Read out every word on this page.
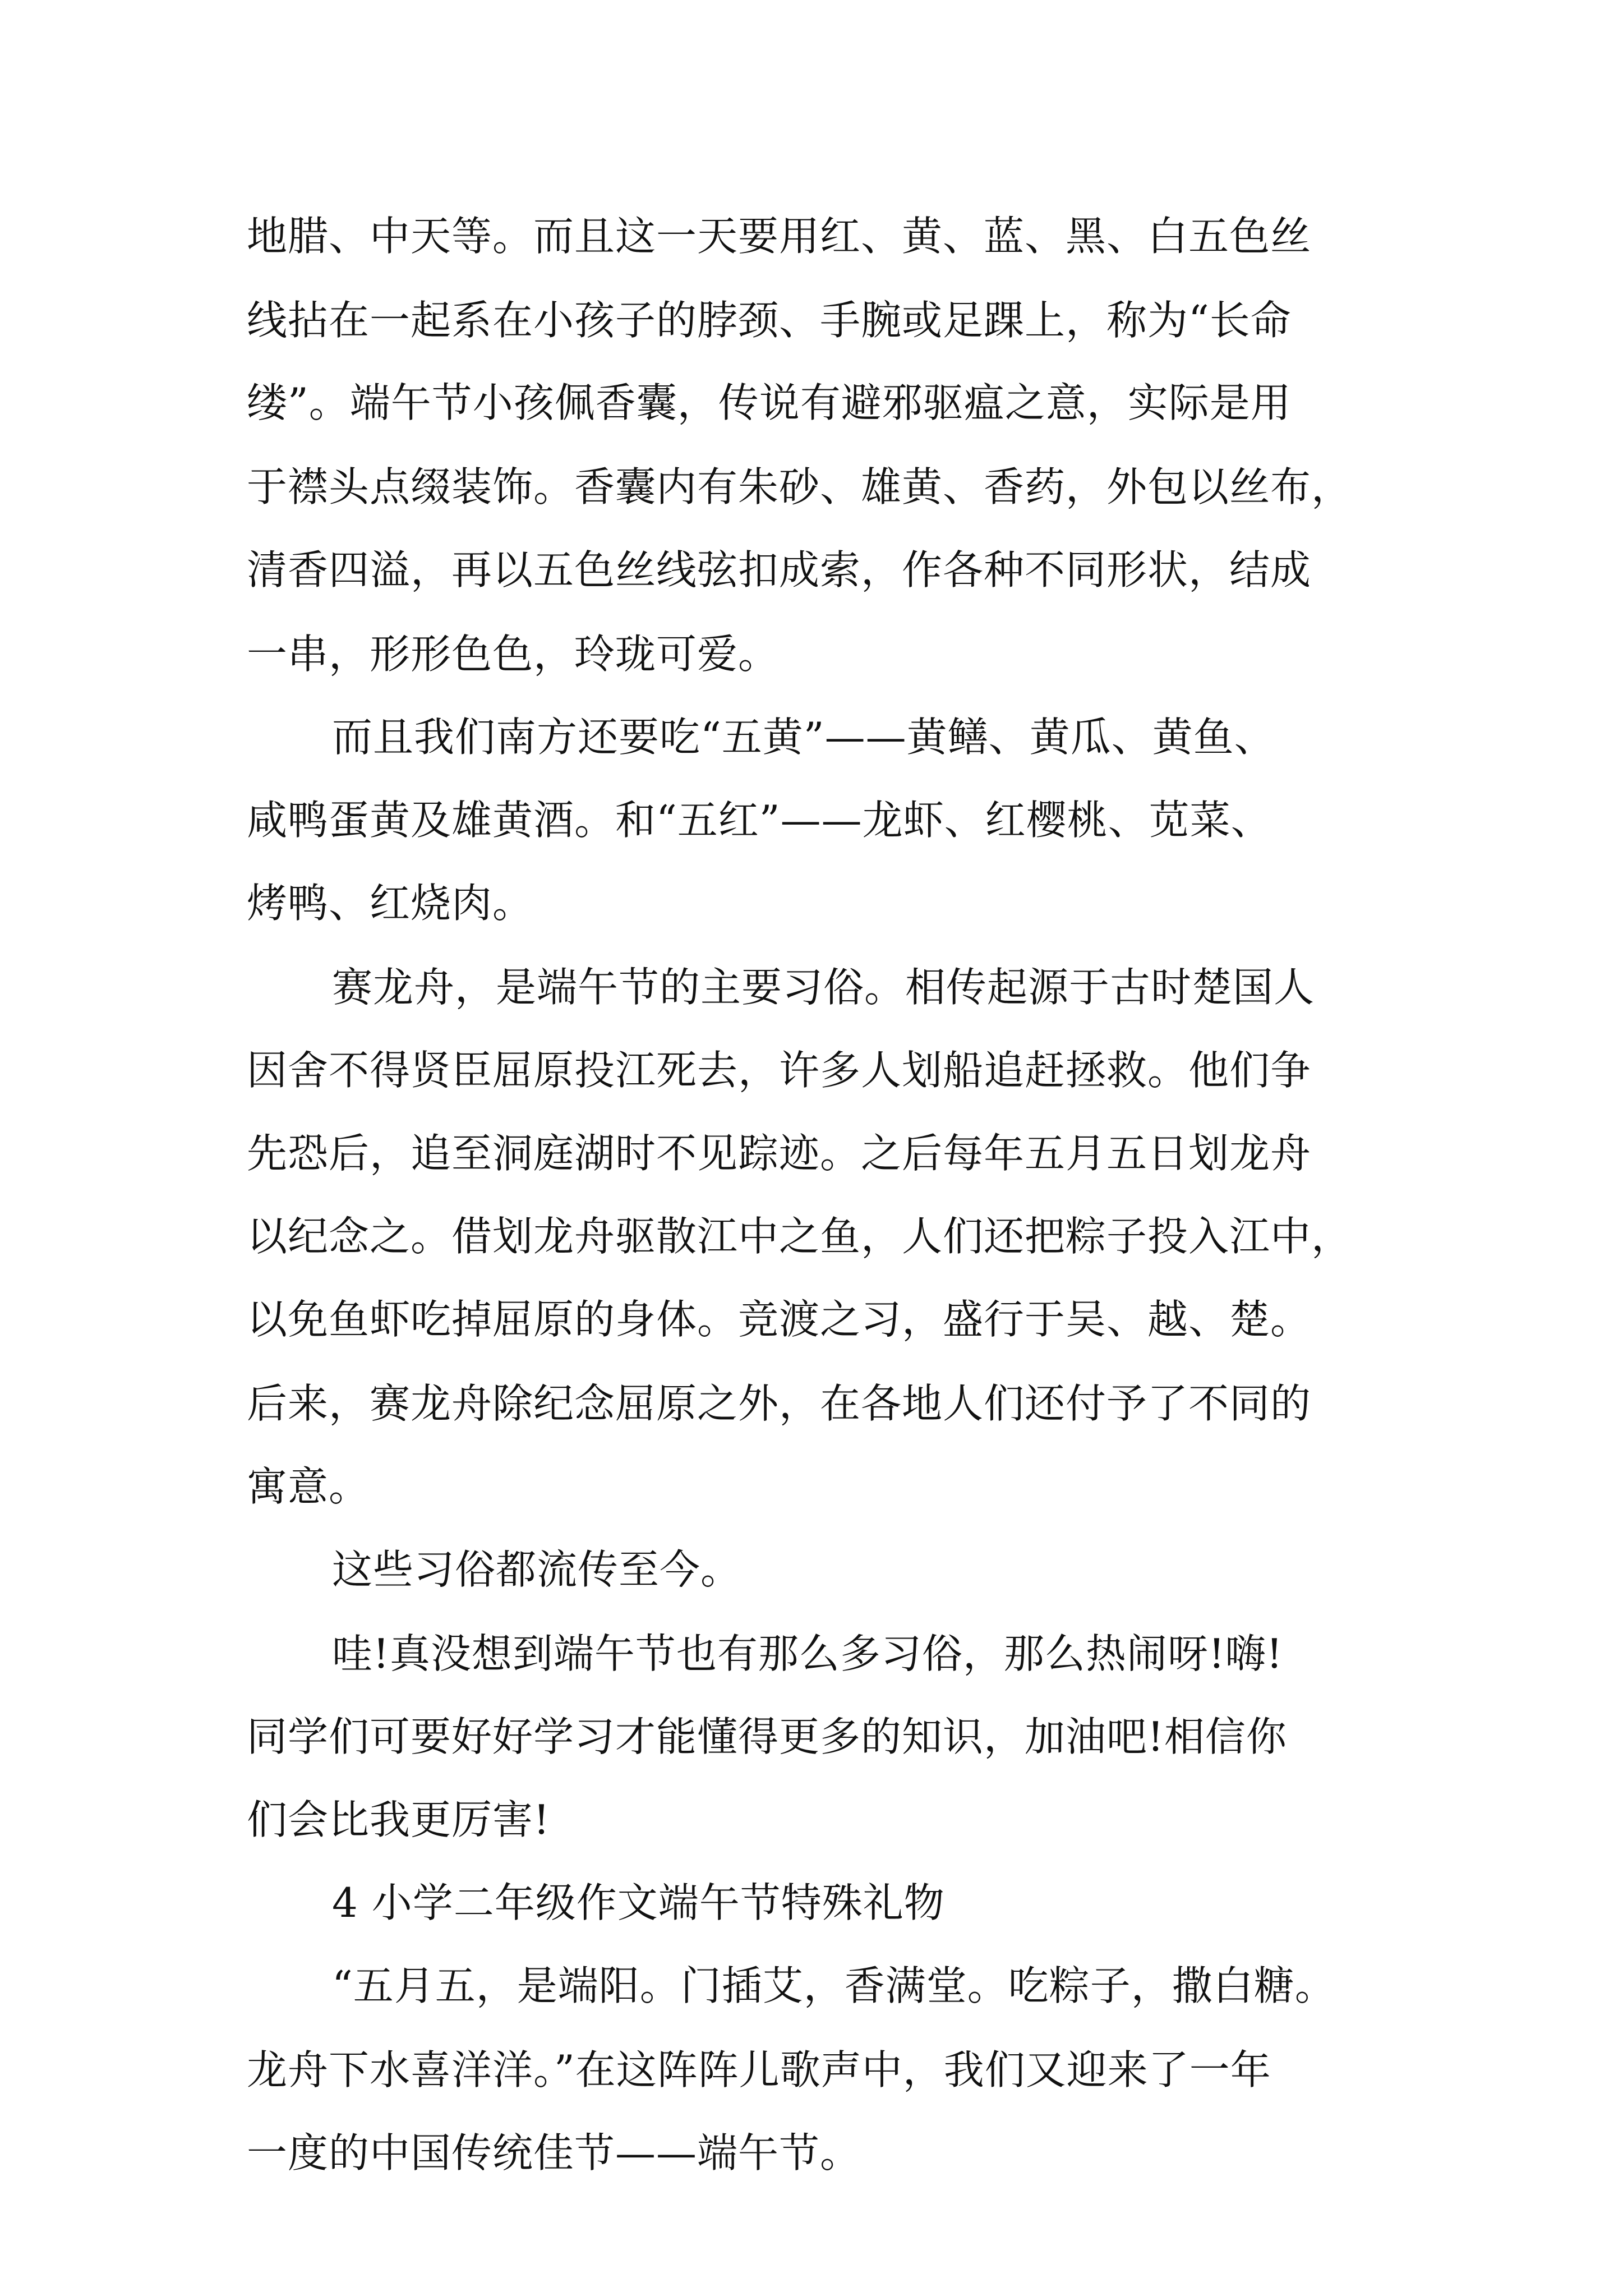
地腊、中天等。而且这一天要用红、黄、蓝、黑、白五色丝

线拈在一起系在小孩子的脖颈、手腕或足踝上，称为“长命

缕”。端午节小孩佩香囊，传说有避邪驱瘟之意，实际是用

于襟头点缀装饰。香囊内有朱砂、雄黄、香药，外包以丝布，

清香四溢，再以五色丝线弦扣成索，作各种不同形状，结成

一串，形形色色，玲珑可爱。

而且我们南方还要吃“五黄”——黄鳝、黄瓜、黄鱼、

咸鸭蛋黄及雄黄酒。和“五红”——龙虾、红樱桃、苋菜、

烤鸭、红烧肉。

赛龙舟，是端午节的主要习俗。相传起源于古时楚国人

因舍不得贤臣屈原投江死去，许多人划船追赶拯救。他们争

先恐后，追至洞庭湖时不见踪迹。之后每年五月五日划龙舟

以纪念之。借划龙舟驱散江中之鱼，人们还把粽子投入江中，

以免鱼虾吃掉屈原的身体。竞渡之习，盛行于吴、越、楚。

后来，赛龙舟除纪念屈原之外，在各地人们还付予了不同的

寓意。

这些习俗都流传至今。

哇!真没想到端午节也有那么多习俗，那么热闹呀!嗨!

同学们可要好好学习才能懂得更多的知识，加油吧!相信你

们会比我更厉害!

4 小学二年级作文端午节特殊礼物

“五月五，是端阳。门插艾，香满堂。吃粽子，撒白糖。

龙舟下水喜洋洋。”在这阵阵儿歌声中，我们又迎来了一年

一度的中国传统佳节——端午节。
